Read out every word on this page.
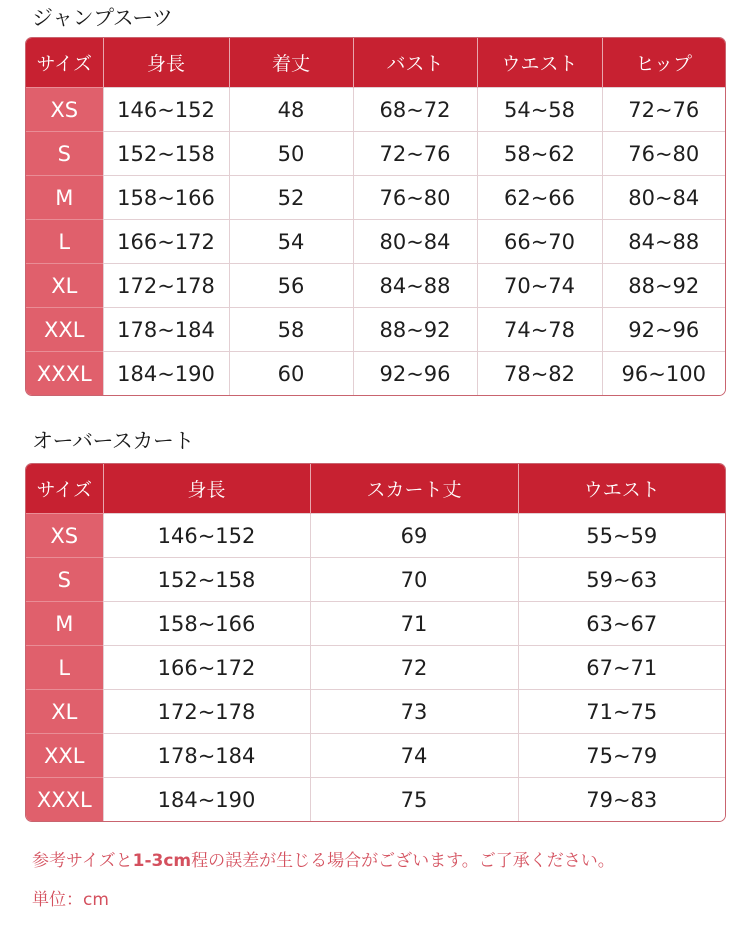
ジャンプスーツ
サイズ	身長	着丈	バスト	ウエスト	ヒップ
XS	146~152	48	68~72	54~58	72~76
S	152~158	50	72~76	58~62	76~80
M	158~166	52	76~80	62~66	80~84
L	166~172	54	80~84	66~70	84~88
XL	172~178	56	84~88	70~74	88~92
XXL	178~184	58	88~92	74~78	92~96
XXXL	184~190	60	92~96	78~82	96~100
オーバースカート
サイズ	身長	スカート丈	ウエスト
XS	146~152	69	55~59
S	152~158	70	59~63
M	158~166	71	63~67
L	166~172	72	67~71
XL	172~178	73	71~75
XXL	178~184	74	75~79
XXXL	184~190	75	79~83
参考サイズと1-3cm程の誤差が生じる場合がございます。ご了承ください。
単位：cm
